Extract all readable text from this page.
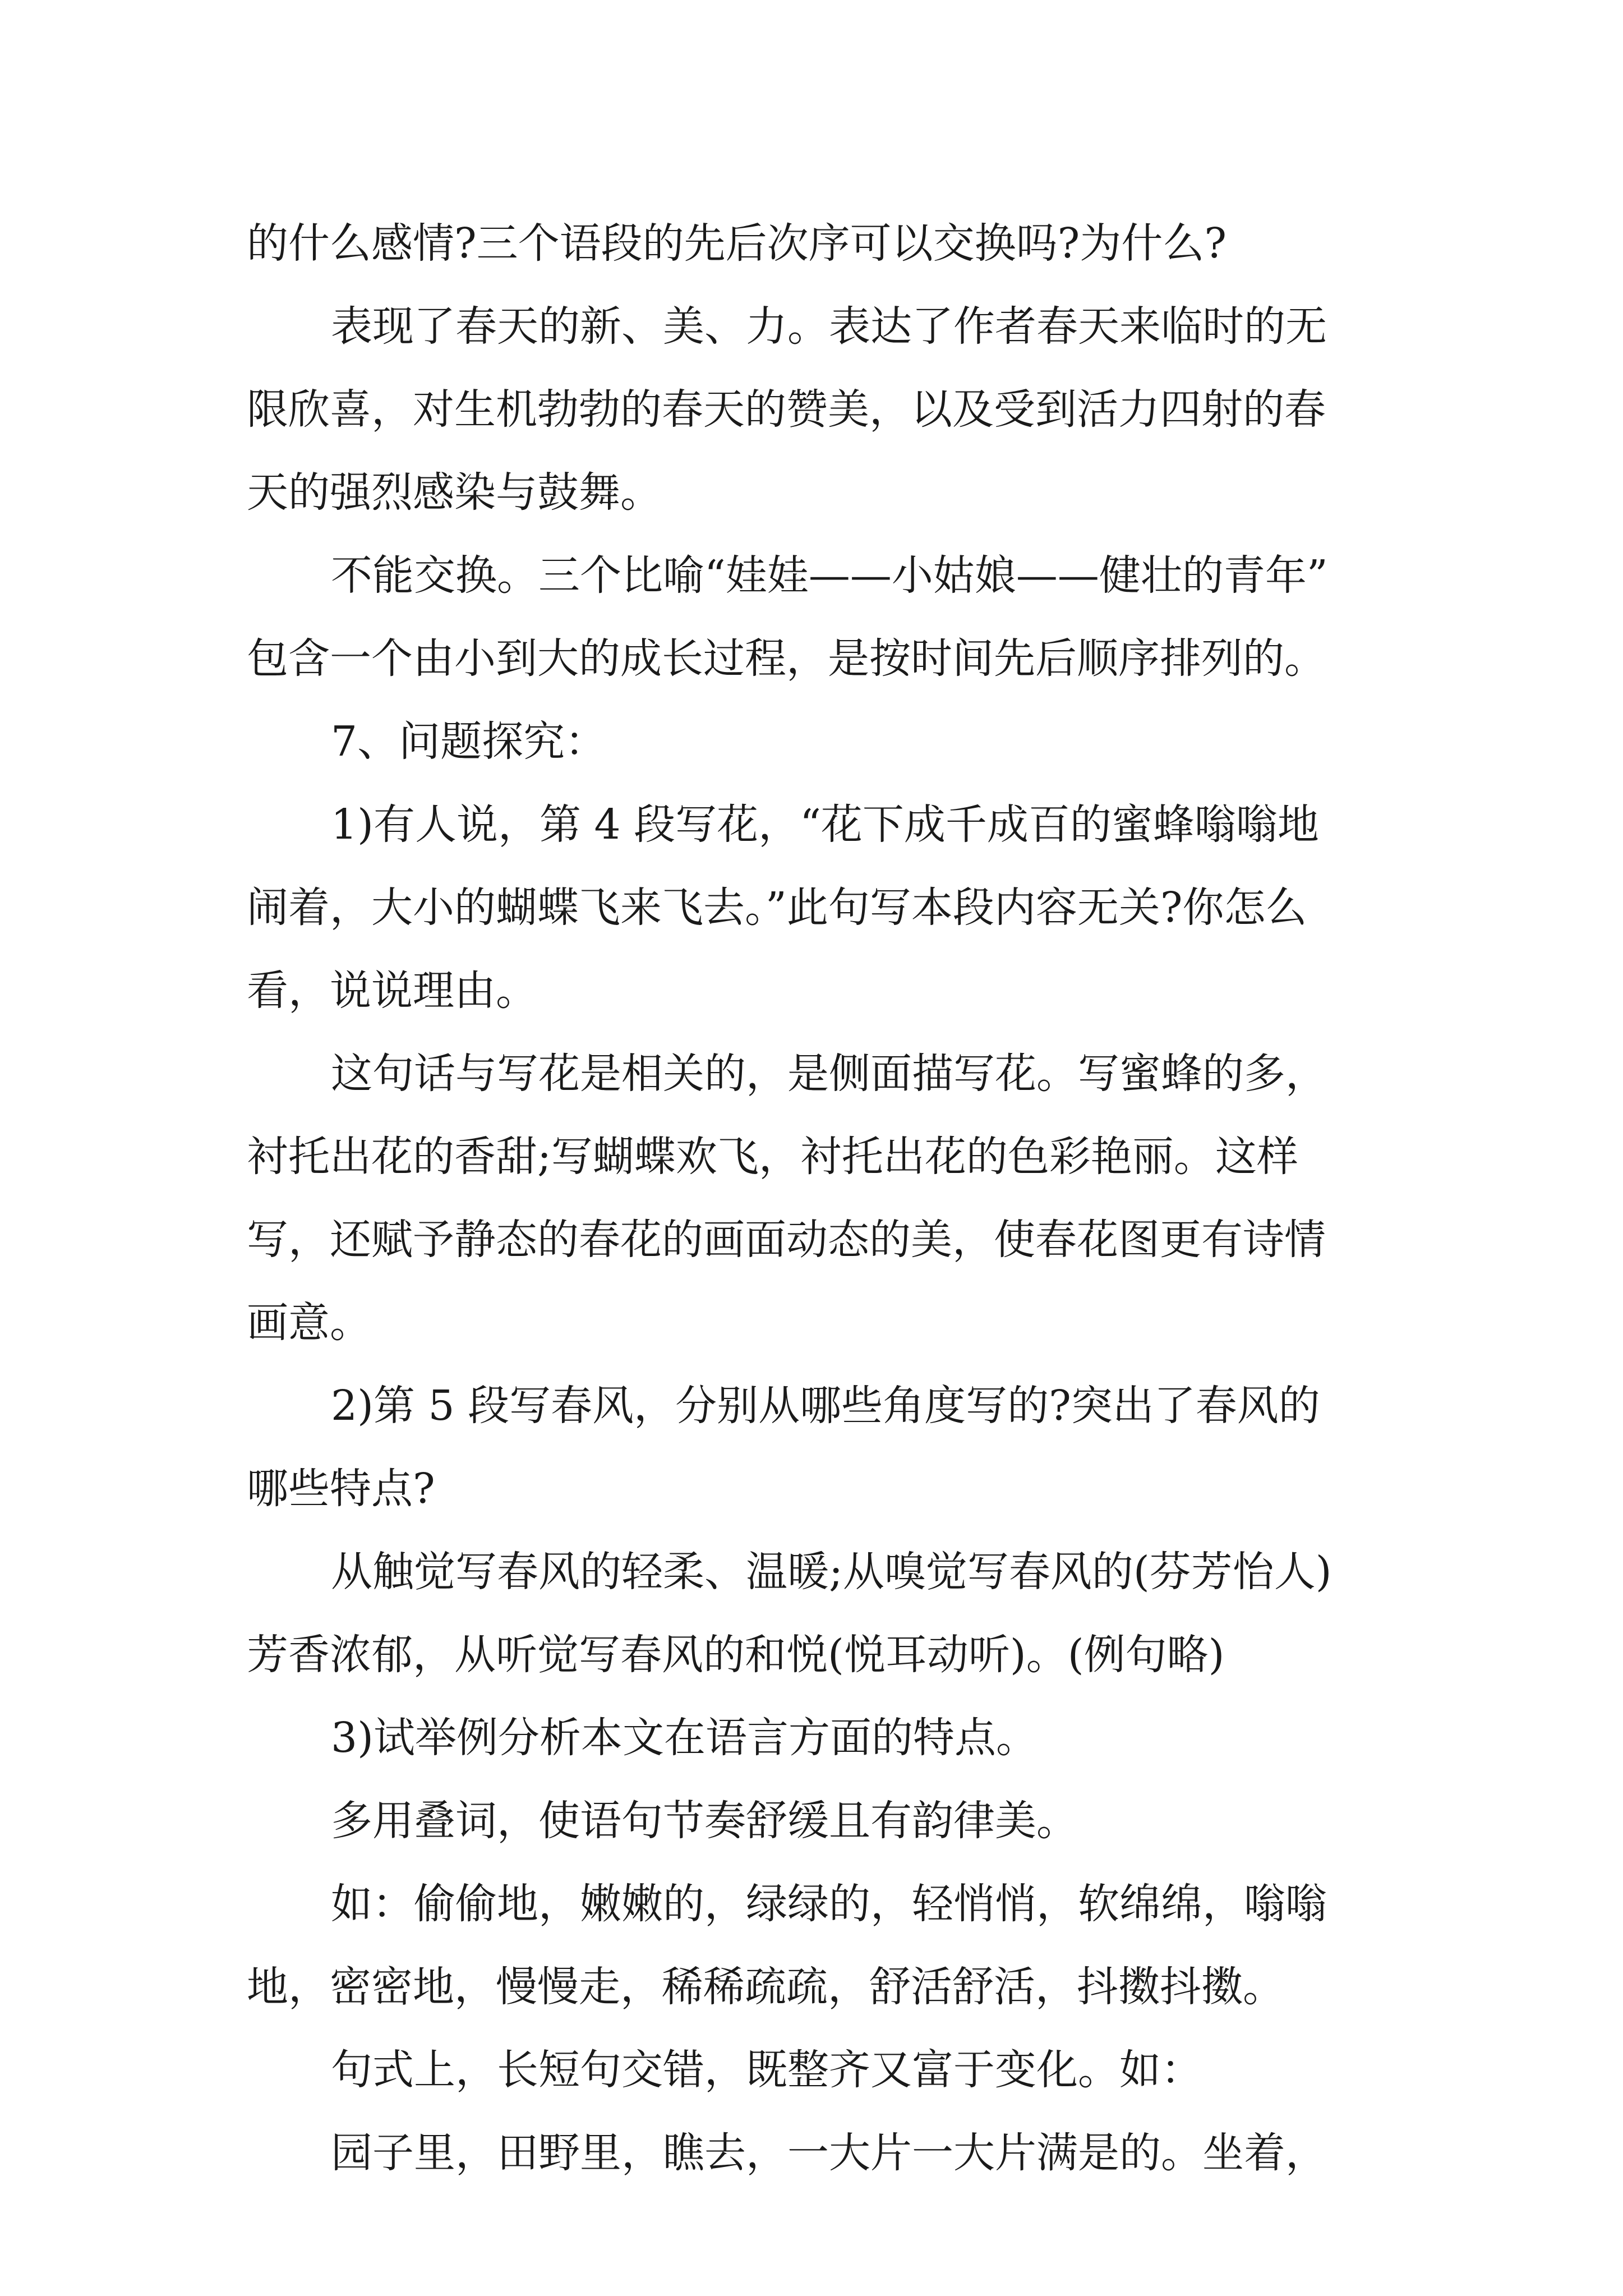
的什么感情?三个语段的先后次序可以交换吗?为什么?
表现了春天的新、美、力。表达了作者春天来临时的无
限欣喜，对生机勃勃的春天的赞美，以及受到活力四射的春
天的强烈感染与鼓舞。
不能交换。三个比喻“娃娃——小姑娘——健壮的青年”
包含一个由小到大的成长过程，是按时间先后顺序排列的。
7、问题探究：
1)有人说，第 4 段写花，“花下成千成百的蜜蜂嗡嗡地
闹着，大小的蝴蝶飞来飞去。”此句写本段内容无关?你怎么
看，说说理由。
这句话与写花是相关的，是侧面描写花。写蜜蜂的多，
衬托出花的香甜;写蝴蝶欢飞，衬托出花的色彩艳丽。这样
写，还赋予静态的春花的画面动态的美，使春花图更有诗情
画意。
2)第 5 段写春风，分别从哪些角度写的?突出了春风的
哪些特点?
从触觉写春风的轻柔、温暖;从嗅觉写春风的(芬芳怡人)
芳香浓郁，从听觉写春风的和悦(悦耳动听)。(例句略)
3)试举例分析本文在语言方面的特点。
多用叠词，使语句节奏舒缓且有韵律美。
如：偷偷地，嫩嫩的，绿绿的，轻悄悄，软绵绵，嗡嗡
地，密密地，慢慢走，稀稀疏疏，舒活舒活，抖擞抖擞。
句式上，长短句交错，既整齐又富于变化。如：
园子里，田野里，瞧去，一大片一大片满是的。坐着，
